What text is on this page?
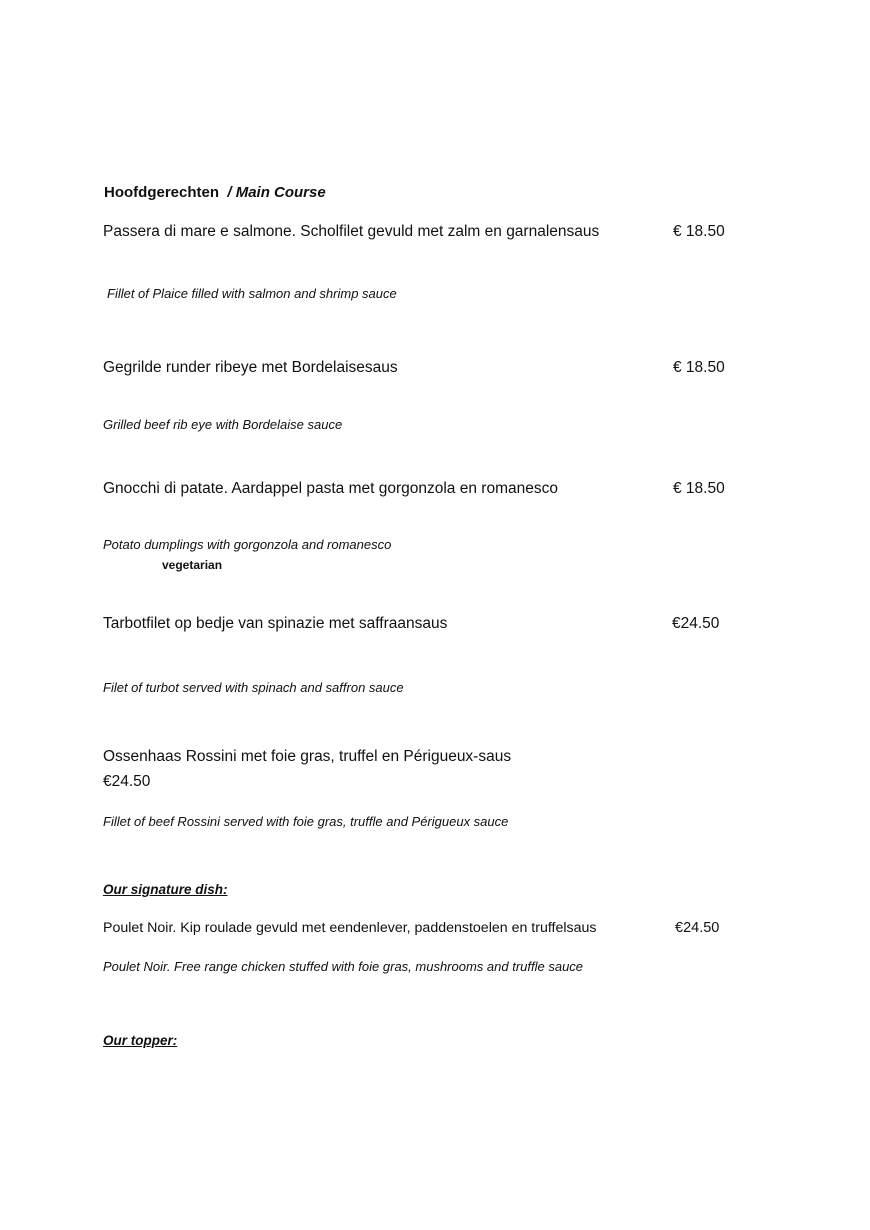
Hoofdgerechten / Main Course
Passera di mare e salmone. Scholfilet gevuld met zalm en garnalensaus	€ 18.50
Fillet of Plaice filled with salmon and shrimp sauce
Gegrilde runder ribeye met Bordelaisesaus	€ 18.50
Grilled beef rib eye with Bordelaise sauce
Gnocchi di patate. Aardappel pasta met gorgonzola en romanesco	€ 18.50
Potato dumplings with gorgonzola and romanesco
vegetarian
Tarbotfilet op bedje van spinazie met saffraansaus	€24.50
Filet of turbot served with spinach and saffron sauce
Ossenhaas Rossini met foie gras, truffel en Périgueux-saus
€24.50
Fillet of beef Rossini served with foie gras, truffle and Périgueux sauce
Our signature dish:
Poulet Noir. Kip roulade gevuld met eendenlever, paddenstoelen en truffelsaus	€24.50
Poulet Noir. Free range chicken stuffed with foie gras, mushrooms and truffle sauce
Our topper:
